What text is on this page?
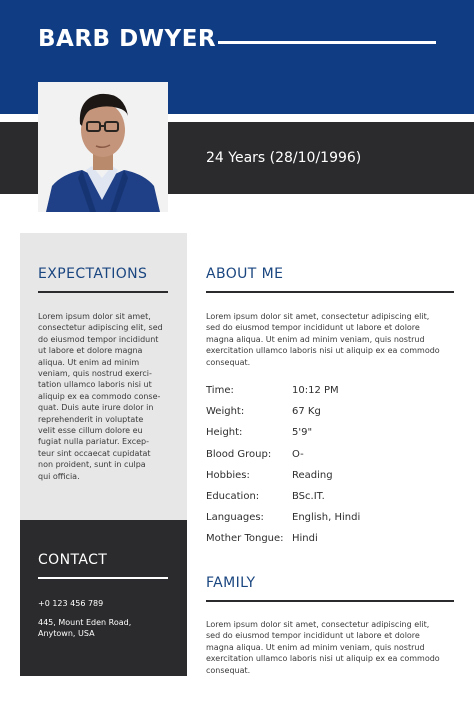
BARB DWYER
24 Years (28/10/1996)
EXPECTATIONS
Lorem ipsum dolor sit amet,
consectetur adipiscing elit, sed
do eiusmod tempor incididunt
ut labore et dolore magna
aliqua. Ut enim ad minim
veniam, quis nostrud exerci-
tation ullamco laboris nisi ut
aliquip ex ea commodo conse-
quat. Duis aute irure dolor in
reprehenderit in voluptate
velit esse cillum dolore eu
fugiat nulla pariatur. Excep-
teur sint occaecat cupidatat
non proident, sunt in culpa
qui officia.
CONTACT
+0 123 456 789
445, Mount Eden Road,
Anytown, USA
ABOUT ME
Lorem ipsum dolor sit amet, consectetur adipiscing elit,
sed do eiusmod tempor incididunt ut labore et dolore
magna aliqua. Ut enim ad minim veniam, quis nostrud
exercitation ullamco laboris nisi ut aliquip ex ea commodo
consequat.
Time:	10:12 PM
Weight:	67 Kg
Height:	5'9"
Blood Group:	O-
Hobbies:	Reading
Education:	BSc.IT.
Languages:	English, Hindi
Mother Tongue: Hindi
FAMILY
Lorem ipsum dolor sit amet, consectetur adipiscing elit,
sed do eiusmod tempor incididunt ut labore et dolore
magna aliqua. Ut enim ad minim veniam, quis nostrud
exercitation ullamco laboris nisi ut aliquip ex ea commodo
consequat.
